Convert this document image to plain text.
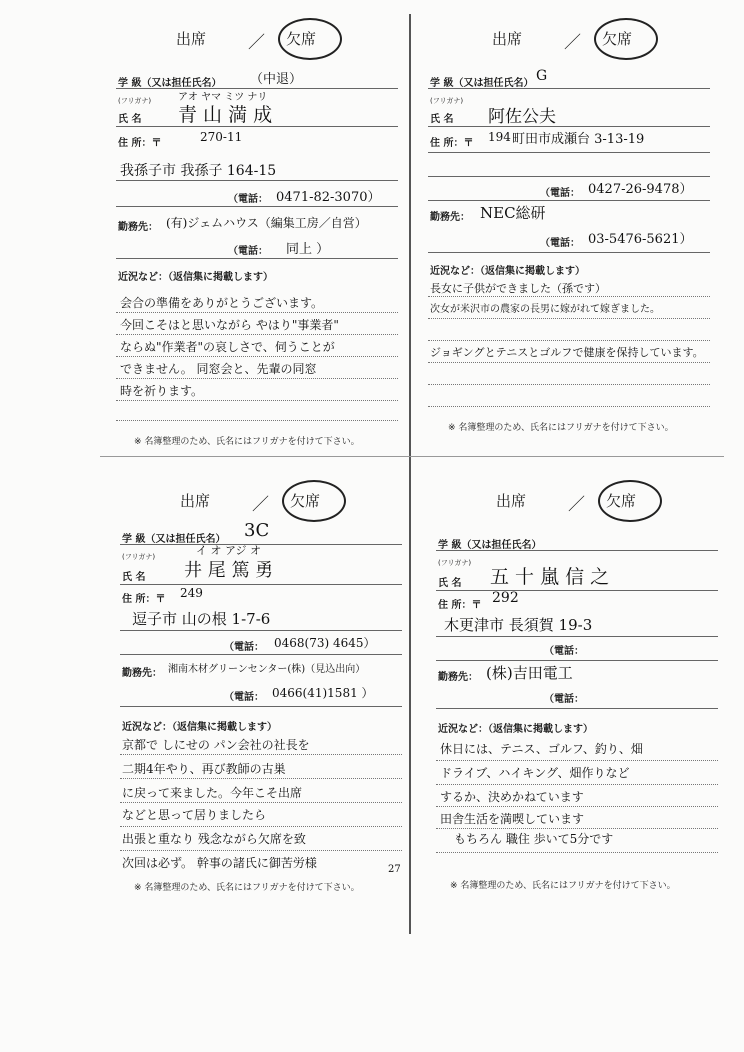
出席 ／ 欠席
学 級（又は担任氏名） （中退）
(フリガナ)	アオ ヤマ ミツ ナリ
氏 名 青 山 満 成
住 所：〒	270-11
我孫子市 我孫子 164-15
（電話： 0471-82-3070）
勤務先： (有)ジェムハウス（編集工房／自営）
（電話： 同上 ）
近況など：（返信集に掲載します）
会合の準備をありがとうございます。
今回こそはと思いながら やはり"事業者"
ならぬ"作業者"の哀しさで、伺うことが
できません。 同窓会と、先輩の同窓
時を祈ります。
※ 名簿整理のため、氏名にはフリガナを付けて下さい。
出席 ／ 欠席
学 級（又は担任氏名） G
(フリガナ)
氏 名 阿佐公夫
住 所：〒 194 町田市成瀬台 3-13-19
（電話： 0427-26-9478）
勤務先： NEC総研
（電話： 03-5476-5621）
近況など：（返信集に掲載します）
長女に子供ができました（孫です）
次女が米沢市の農家の長男に嫁がれて嫁ぎました。
ジョギングとテニスとゴルフで健康を保持しています。
※ 名簿整理のため、氏名にはフリガナを付けて下さい。
出席 ／ 欠席
学 級（又は担任氏名） 3C
(フリガナ)	イ オ アジ オ
氏 名 井 尾 篤 勇
住 所：〒 249
逗子市 山の根 1-7-6
（電話： 0468(73) 4645）
勤務先： 湘南木材グリーンセンター(株)（見込出向）
（電話： 0466(41)1581 ）
近況など：（返信集に掲載します）
京都で しにせの パン会社の社長を
二期4年やり、再び教師の古巣
に戻って来ました。今年こそ出席
などと思って居りましたら
出張と重なり 残念ながら欠席を致
次回は必ず。 幹事の諸氏に御苦労様	27
※ 名簿整理のため、氏名にはフリガナを付けて下さい。
出席 ／ 欠席
学 級（又は担任氏名）
(フリガナ)
氏 名 五 十 嵐 信 之
住 所：〒 292
木更津市 長須賀 19-3
（電話：
勤務先： (株)吉田電工
（電話：
近況など：（返信集に掲載します）
休日には、テニス、ゴルフ、釣り、畑
ドライブ、ハイキング、畑作りなど
するか、決めかねています
田舎生活を満喫しています
もちろん 職住 歩いて5分です
※ 名簿整理のため、氏名にはフリガナを付けて下さい。
